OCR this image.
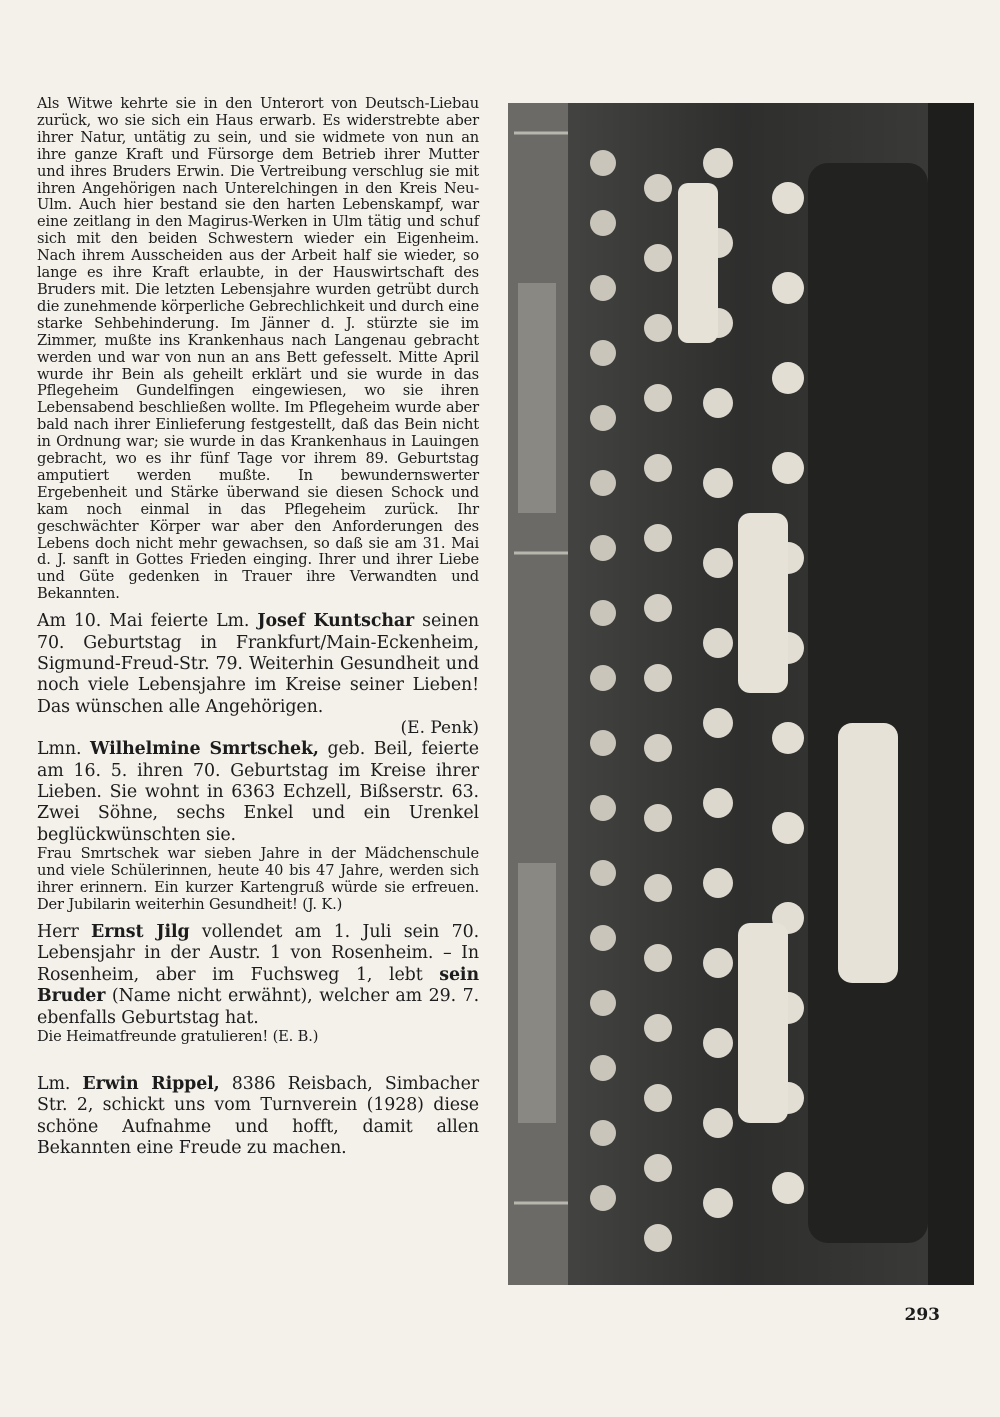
Als Witwe kehrte sie in den Unterort von Deutsch-Liebau zurück, wo sie sich ein Haus erwarb. Es widerstrebte aber ihrer Natur, untätig zu sein, und sie widmete von nun an ihre ganze Kraft und Fürsorge dem Betrieb ihrer Mutter und ihres Bruders Erwin. Die Vertreibung verschlug sie mit ihren Angehörigen nach Unterelchingen in den Kreis Neu-Ulm. Auch hier bestand sie den harten Lebenskampf, war eine zeitlang in den Magirus-Werken in Ulm tätig und schuf sich mit den beiden Schwestern wieder ein Eigenheim. Nach ihrem Ausscheiden aus der Arbeit half sie wieder, so lange es ihre Kraft erlaubte, in der Hauswirtschaft des Bruders mit. Die letzten Lebensjahre wurden getrübt durch die zunehmende körperliche Gebrechlichkeit und durch eine starke Sehbehinderung. Im Jänner d. J. stürzte sie im Zimmer, mußte ins Krankenhaus nach Langenau gebracht werden und war von nun an ans Bett gefesselt. Mitte April wurde ihr Bein als geheilt erklärt und sie wurde in das Pflegeheim Gundelfingen eingewiesen, wo sie ihren Lebensabend beschließen wollte. Im Pflegeheim wurde aber bald nach ihrer Einlieferung festgestellt, daß das Bein nicht in Ordnung war; sie wurde in das Krankenhaus in Lauingen gebracht, wo es ihr fünf Tage vor ihrem 89. Geburtstag amputiert werden mußte. In bewundernswerter Ergebenheit und Stärke überwand sie diesen Schock und kam noch einmal in das Pflegeheim zurück. Ihr geschwächter Körper war aber den Anforderungen des Lebens doch nicht mehr gewachsen, so daß sie am 31. Mai d. J. sanft in Gottes Frieden einging. Ihrer und ihrer Liebe und Güte gedenken in Trauer ihre Verwandten und Bekannten.

Am 10. Mai feierte Lm. Josef Kuntschar seinen 70. Geburtstag in Frankfurt/Main-Eckenheim, Sigmund-Freud-Str. 79. Weiterhin Gesundheit und noch viele Lebensjahre im Kreise seiner Lieben! Das wünschen alle Angehörigen.

(E. Penk)

Lmn. Wilhelmine Smrtschek, geb. Beil, feierte am 16. 5. ihren 70. Geburtstag im Kreise ihrer Lieben. Sie wohnt in 6363 Echzell, Bißserstr. 63. Zwei Söhne, sechs Enkel und ein Urenkel beglückwünschten sie.

Frau Smrtschek war sieben Jahre in der Mädchenschule und viele Schülerinnen, heute 40 bis 47 Jahre, werden sich ihrer erinnern. Ein kurzer Kartengruß würde sie erfreuen. Der Jubilarin weiterhin Gesundheit! (J. K.)

Herr Ernst Jilg vollendet am 1. Juli sein 70. Lebensjahr in der Austr. 1 von Rosenheim. – In Rosenheim, aber im Fuchsweg 1, lebt sein Bruder (Name nicht erwähnt), welcher am 29. 7. ebenfalls Geburtstag hat.

Die Heimatfreunde gratulieren! (E. B.)

Lm. Erwin Rippel, 8386 Reisbach, Simbacher Str. 2, schickt uns vom Turnverein (1928) diese schöne Aufnahme und hofft, damit allen Bekannten eine Freude zu machen.

293
